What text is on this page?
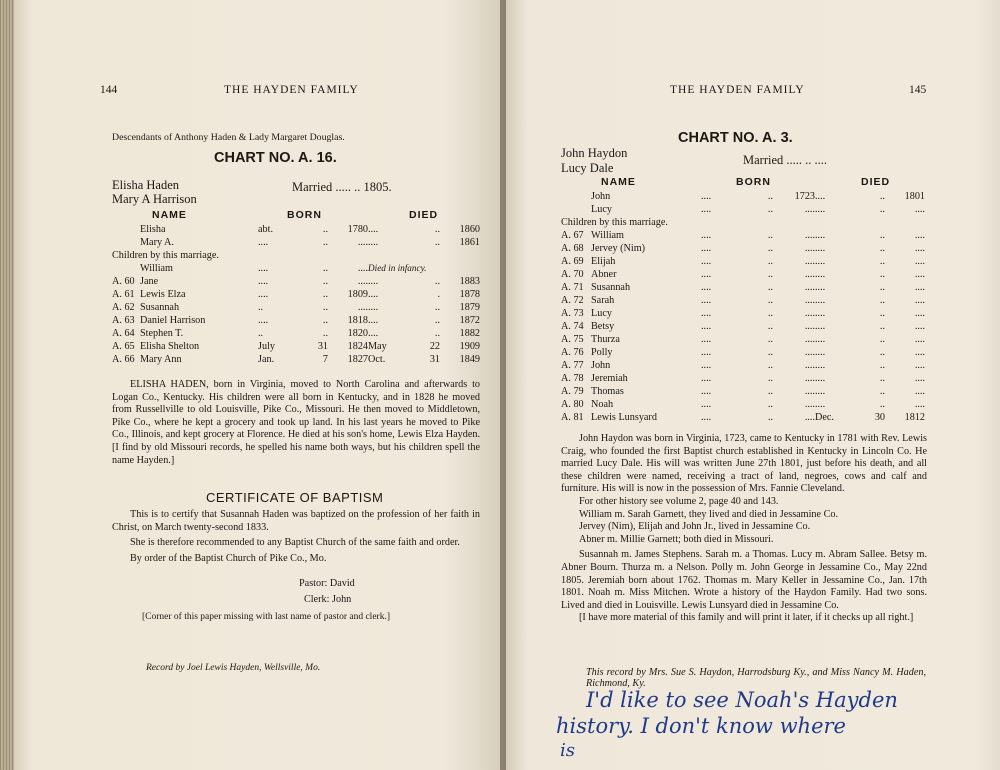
144	THE HAYDEN FAMILY
Descendants of Anthony Haden & Lady Margaret Douglas.
CHART NO. A. 16.
Elisha Haden
Mary A Harrison
Married ..... .. 1805.
NAME	BORN	DIED
	Elisha	abt.	..	1780	....	..	1860
	Mary A.	....	..	....	....	..	1861
Children by this marriage.							
	William	....	..	....	Died in infancy.		
A. 60	Jane	....	..	....	....	..	1883
A. 61	Lewis Elza	....	..	1809	....	.	1878
A. 62	Susannah	..	..	....	....	..	1879
A. 63	Daniel Harrison	....	..	1818	....	..	1872
A. 64	Stephen T.	..	..	1820	....	..	1882
A. 65	Elisha Shelton	July	31	1824	May	22	1909
A. 66	Mary Ann	Jan.	7	1827	Oct.	31	1849

ELISHA HADEN, born in Virginia, moved to North Carolina and afterwards to Logan Co., Kentucky. His children were all born in Kentucky, and in 1828 he moved from Russellville to old Louisville, Pike Co., Missouri. He then moved to Middletown, Pike Co., where he kept a grocery and took up land. In his last years he moved to Pike Co., Illinois, and kept grocery at Florence. He died at his son's home, Lewis Elza Hayden. [I find by old Missouri records, he spelled his name both ways, but his children spell the name Hayden.]

CERTIFICATE OF BAPTISM

This is to certify that Susannah Haden was baptized on the profession of her faith in Christ, on March twenty-second 1833.

She is therefore recommended to any Baptist Church of the same faith and order.

By order of the Baptist Church of Pike Co., Mo.

Pastor: David
Clerk: John
[Corner of this paper missing with last name of pastor and clerk.]
Record by Joel Lewis Hayden, Wellsville, Mo.
THE HAYDEN FAMILY	145
CHART NO. A. 3.
John Haydon
Lucy Dale
Married ..... .. ....
NAME	BORN	DIED
	John	....	..	1723	....	..	1801
	Lucy	....	..	....	....	..	....
Children by this marriage.							
A. 67	William	....	..	....	....	..	....
A. 68	Jervey (Nim)	....	..	....	....	..	....
A. 69	Elijah	....	..	....	....	..	....
A. 70	Abner	....	..	....	....	..	....
A. 71	Susannah	....	..	....	....	..	....
A. 72	Sarah	....	..	....	....	..	....
A. 73	Lucy	....	..	....	....	..	....
A. 74	Betsy	....	..	....	....	..	....
A. 75	Thurza	....	..	....	....	..	....
A. 76	Polly	....	..	....	....	..	....
A. 77	John	....	..	....	....	..	....
A. 78	Jeremiah	....	..	....	....	..	....
A. 79	Thomas	....	..	....	....	..	....
A. 80	Noah	....	..	....	....	..	....
A. 81	Lewis Lunsyard	....	..	....	Dec.	30	1812

John Haydon was born in Virginia, 1723, came to Kentucky in 1781 with Rev. Lewis Craig, who founded the first Baptist church established in Kentucky in Lincoln Co. He married Lucy Dale. His will was written June 27th 1801, just before his death, and all these children were named, receiving a tract of land, negroes, cows and calf and furniture. His will is now in the possession of Mrs. Fannie Cleveland.

For other history see volume 2, page 40 and 143.

William m. Sarah Garnett, they lived and died in Jessamine Co.

Jervey (Nim), Elijah and John Jr., lived in Jessamine Co.

Abner m. Millie Garnett; both died in Missouri.

Susannah m. James Stephens. Sarah m. a Thomas. Lucy m. Abram Sallee. Betsy m. Abner Bourn. Thurza m. a Nelson. Polly m. John George in Jessamine Co., May 22nd 1805. Jeremiah born about 1762. Thomas m. Mary Keller in Jessamine Co., Jan. 17th 1801. Noah m. Miss Mitchen. Wrote a history of the Haydon Family. Had two sons. Lived and died in Louisville. Lewis Lunsyard died in Jessamine Co.

[I have more material of this family and will print it later, if it checks up all right.]

This record by Mrs. Sue S. Haydon, Harrodsburg Ky., and Miss Nancy M. Haden, Richmond, Ky.

I'd like to see Noah's Hayden
history. I don't know where
is
